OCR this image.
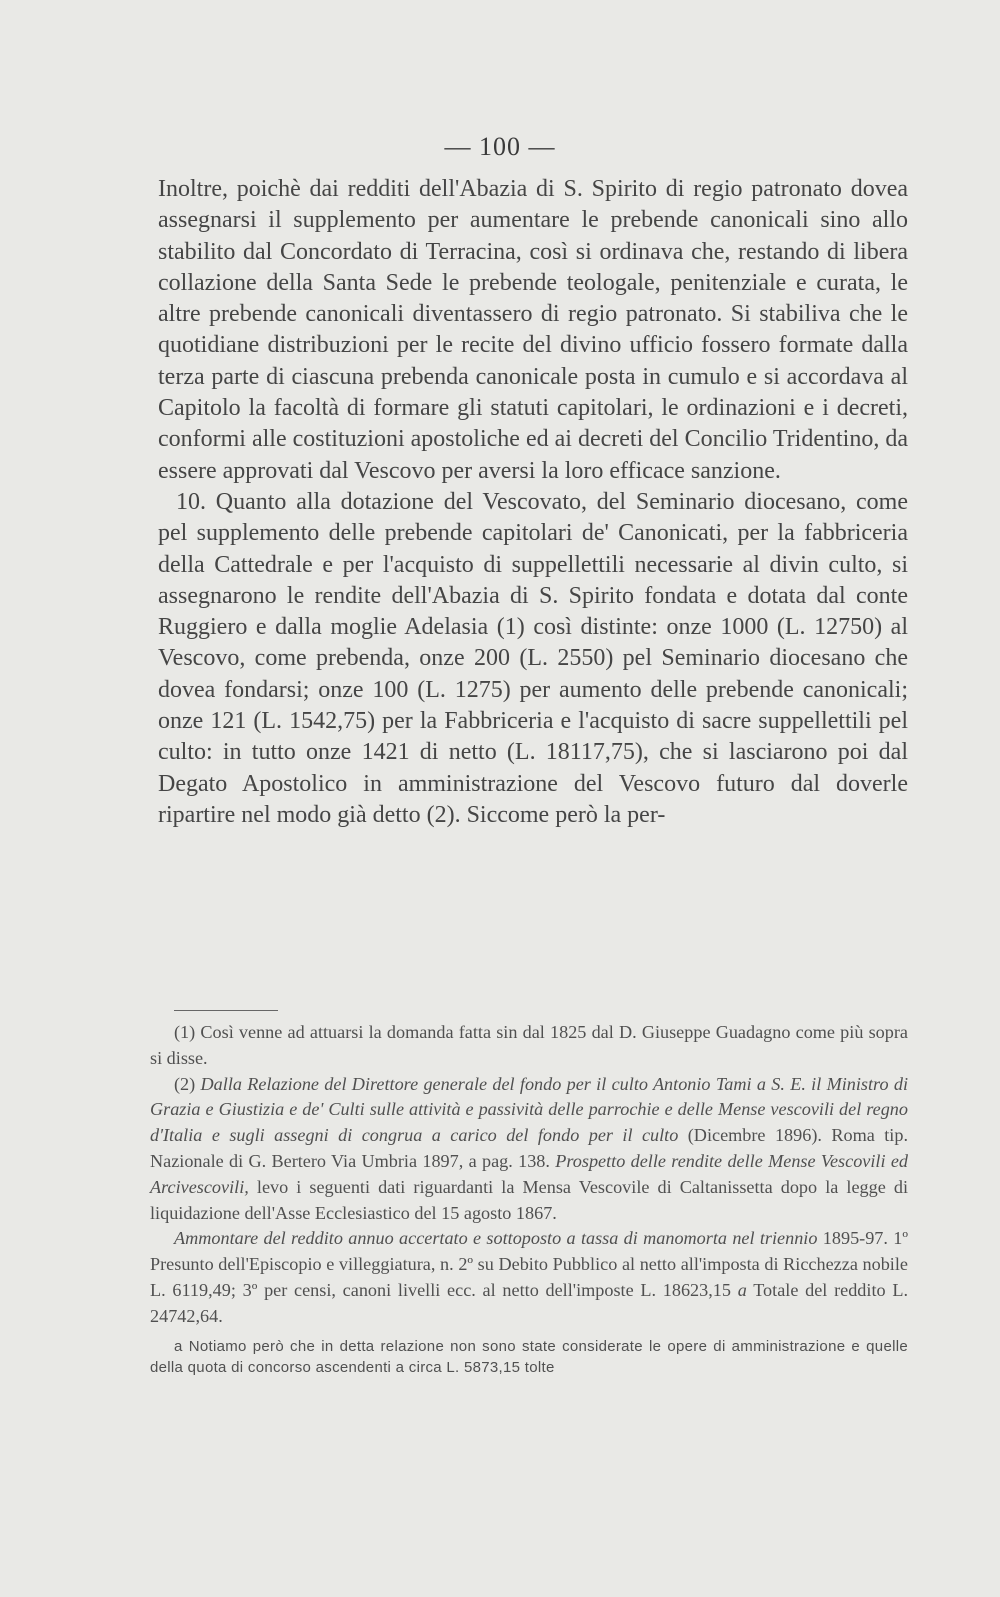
— 100 —

Inoltre, poichè dai redditi dell'Abazia di S. Spirito di regio patronato dovea assegnarsi il supplemento per aumentare le prebende canonicali sino allo stabilito dal Concordato di Terracina, così si ordinava che, restando di libera collazione della Santa Sede le prebende teologale, penitenziale e curata, le altre prebende canonicali diventassero di regio patronato. Si stabiliva che le quotidiane distribuzioni per le recite del divino ufficio fossero formate dalla terza parte di ciascuna prebenda canonicale posta in cumulo e si accordava al Capitolo la facoltà di formare gli statuti capitolari, le ordinazioni e i decreti, conformi alle costituzioni apostoliche ed ai decreti del Concilio Tridentino, da essere approvati dal Vescovo per aversi la loro efficace sanzione.

10. Quanto alla dotazione del Vescovato, del Seminario diocesano, come pel supplemento delle prebende capitolari de' Canonicati, per la fabbriceria della Cattedrale e per l'acquisto di suppellettili necessarie al divin culto, si assegnarono le rendite dell'Abazia di S. Spirito fondata e dotata dal conte Ruggiero e dalla moglie Adelasia (1) così distinte: onze 1000 (L. 12750) al Vescovo, come prebenda, onze 200 (L. 2550) pel Seminario diocesano che dovea fondarsi; onze 100 (L. 1275) per aumento delle prebende canonicali; onze 121 (L. 1542,75) per la Fabbriceria e l'acquisto di sacre suppellettili pel culto: in tutto onze 1421 di netto (L. 18117,75), che si lasciarono poi dal Degato Apostolico in amministrazione del Vescovo futuro dal doverle ripartire nel modo già detto (2). Siccome però la per-

(1) Così venne ad attuarsi la domanda fatta sin dal 1825 dal D. Giuseppe Guadagno come più sopra si disse.

(2) Dalla Relazione del Direttore generale del fondo per il culto Antonio Tami a S. E. il Ministro di Grazia e Giustizia e de' Culti sulle attività e passività delle parrochie e delle Mense vescovili del regno d'Italia e sugli assegni di congrua a carico del fondo per il culto (Dicembre 1896). Roma tip. Nazionale di G. Bertero Via Umbria 1897, a pag. 138. Prospetto delle rendite delle Mense Vescovili ed Arcivescovili, levo i seguenti dati riguardanti la Mensa Vescovile di Caltanissetta dopo la legge di liquidazione dell'Asse Ecclesiastico del 15 agosto 1867.

Ammontare del reddito annuo accertato e sottoposto a tassa di manomorta nel triennio 1895-97. 1º Presunto dell'Episcopio e villeggiatura, n. 2º su Debito Pubblico al netto all'imposta di Ricchezza nobile L. 6119,49; 3º per censi, canoni livelli ecc. al netto dell'imposte L. 18623,15 a Totale del reddito L. 24742,64.

a Notiamo però che in detta relazione non sono state considerate le opere di amministrazione e quelle della quota di concorso ascendenti a circa L. 5873,15 tolte
